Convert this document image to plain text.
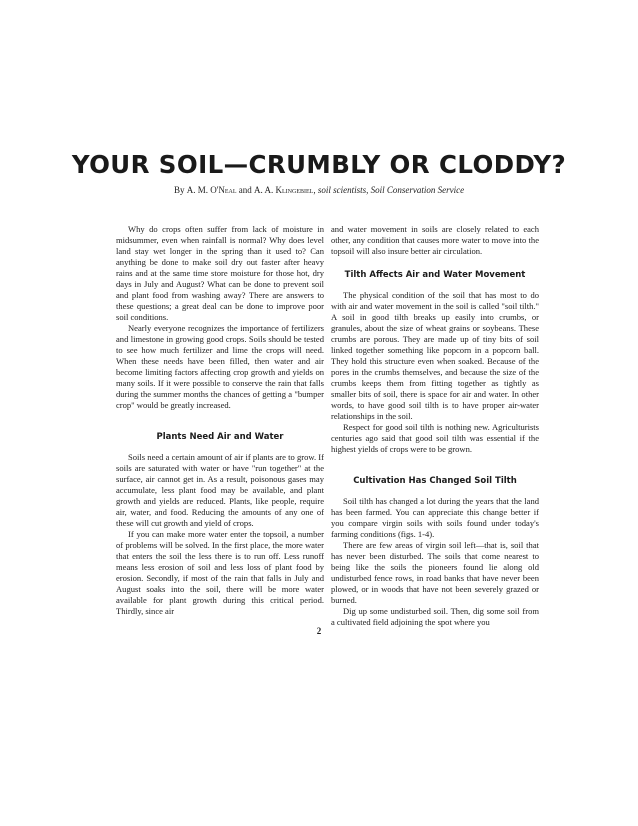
YOUR SOIL—CRUMBLY OR CLODDY?
By A. M. O'Neal and A. A. Klingebiel, soil scientists, Soil Conservation Service

Why do crops often suffer from lack of moisture in midsummer, even when rainfall is normal? Why does level land stay wet longer in the spring than it used to? Can anything be done to make soil dry out faster after heavy rains and at the same time store moisture for those hot, dry days in July and August? What can be done to prevent soil and plant food from washing away? There are answers to these questions; a great deal can be done to improve poor soil conditions.

Nearly everyone recognizes the importance of fertilizers and limestone in growing good crops. Soils should be tested to see how much fertilizer and lime the crops will need. When these needs have been filled, then water and air become limiting factors affecting crop growth and yields on many soils. If it were possible to conserve the rain that falls during the summer months the chances of getting a "bumper crop" would be greatly increased.

Plants Need Air and Water

Soils need a certain amount of air if plants are to grow. If soils are saturated with water or have "run together" at the surface, air cannot get in. As a result, poisonous gases may accumulate, less plant food may be available, and plant growth and yields are reduced. Plants, like people, require air, water, and food. Reducing the amounts of any one of these will cut growth and yield of crops.

If you can make more water enter the topsoil, a number of problems will be solved. In the first place, the more water that enters the soil the less there is to run off. Less runoff means less erosion of soil and less loss of plant food by erosion. Secondly, if most of the rain that falls in July and August soaks into the soil, there will be more water available for plant growth during this critical period. Thirdly, since air

and water movement in soils are closely related to each other, any condition that causes more water to move into the topsoil will also insure better air circulation.

Tilth Affects Air and Water Movement

The physical condition of the soil that has most to do with air and water movement in the soil is called "soil tilth." A soil in good tilth breaks up easily into crumbs, or granules, about the size of wheat grains or soybeans. These crumbs are porous. They are made up of tiny bits of soil linked together something like popcorn in a popcorn ball. They hold this structure even when soaked. Because of the pores in the crumbs themselves, and because the size of the crumbs keeps them from fitting together as tightly as smaller bits of soil, there is space for air and water. In other words, to have good soil tilth is to have proper air-water relationships in the soil.

Respect for good soil tilth is nothing new. Agriculturists centuries ago said that good soil tilth was essential if the highest yields of crops were to be grown.

Cultivation Has Changed Soil Tilth

Soil tilth has changed a lot during the years that the land has been farmed. You can appreciate this change better if you compare virgin soils with soils found under today's farming conditions (figs. 1-4).

There are few areas of virgin soil left—that is, soil that has never been disturbed. The soils that come nearest to being like the soils the pioneers found lie along old undisturbed fence rows, in road banks that have never been plowed, or in woods that have not been severely grazed or burned.

Dig up some undisturbed soil. Then, dig some soil from a cultivated field adjoining the spot where you

2
